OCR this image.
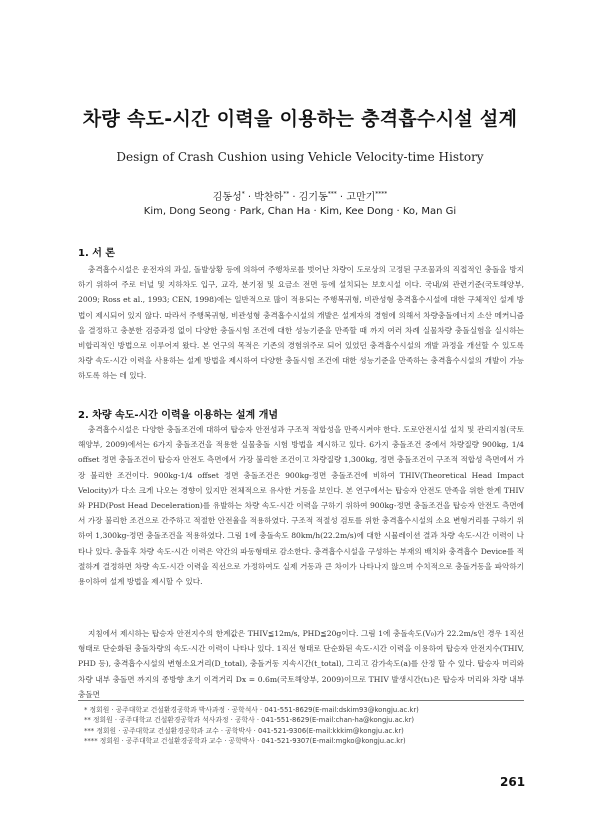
차량 속도-시간 이력을 이용하는 충격흡수시설 설계
Design of Crash Cushion using Vehicle Velocity-time History
김동성* · 박찬하** · 김기동*** · 고만기****
Kim, Dong Seong · Park, Chan Ha · Kim, Kee Dong · Ko, Man Gi
1. 서 론

충격흡수시설은 운전자의 과실, 돌발상황 등에 의하여 주행차로를 벗어난 차량이 도로상의 고정된 구조물과의 직접적인 충돌을 방지하기 위하여 주로 터널 및 지하차도 입구, 교각, 분기점 및 요금소 전면 등에 설치되는 보호시설 이다. 국내/외 관련기준(국토해양부, 2009; Ross et al., 1993; CEN, 1998)에는 일반적으로 많이 적용되는 주행복귀형, 비관성형 충격흡수시설에 대한 구체적인 설계 방법이 제시되어 있지 않다. 따라서 주행복귀형, 비관성형 충격흡수시설의 개발은 설계자의 경험에 의해서 차량충돌에너지 소산 메커니즘을 결정하고 충분한 검증과정 없이 다양한 충돌시험 조건에 대한 성능기준을 만족할 때 까지 여러 차례 실물차량 충돌실험을 실시하는 비합리적인 방법으로 이루어져 왔다. 본 연구의 목적은 기존의 경험위주로 되어 있었던 충격흡수시설의 개발 과정을 개선할 수 있도록 차량 속도-시간 이력을 사용하는 설계 방법을 제시하여 다양한 충돌시험 조건에 대한 성능기준을 만족하는 충격흡수시설의 개발이 가능하도록 하는 데 있다.

2. 차량 속도-시간 이력을 이용하는 설계 개념

충격흡수시설은 다양한 충돌조건에 대하여 탑승자 안전성과 구조적 적합성을 만족시켜야 한다. 도로안전시설 설치 및 관리지침(국토해양부, 2009)에서는 6가지 충돌조건을 적용한 실물충돌 시험 방법을 제시하고 있다. 6가지 충돌조건 중에서 차량질량 900kg, 1/4 offset 정면 충돌조건이 탑승자 안전도 측면에서 가장 불리한 조건이고 차량질량 1,300kg, 정면 충돌조건이 구조적 적합성 측면에서 가장 불리한 조건이다. 900kg-1/4 offset 정면 충돌조건은 900kg-정면 충돌조건에 비하여 THIV(Theoretical Head Impact Velocity)가 다소 크게 나오는 경향이 있지만 전체적으로 유사한 거동을 보인다. 본 연구에서는 탑승자 안전도 만족을 위한 한계 THIV와 PHD(Post Head Deceleration)를 유발하는 차량 속도-시간 이력을 구하기 위하여 900kg-정면 충돌조건을 탑승자 안전도 측면에서 가장 불리한 조건으로 간주하고 적절한 안전율을 적용하였다. 구조적 적절성 검토를 위한 충격흡수시설의 소요 변형거리를 구하기 위하여 1,300kg-정면 충돌조건을 적용하였다. 그림 1에 충돌속도 80km/h(22.2m/s)에 대한 시뮬레이션 결과 차량 속도-시간 이력이 나타나 있다. 충돌후 차량 속도-시간 이력은 약간의 파동형태로 감소한다. 충격흡수시설을 구성하는 부재의 배치와 충격흡수 Device를 적절하게 결정하면 차량 속도-시간 이력을 직선으로 가정하여도 실제 거동과 큰 차이가 나타나지 않으며 수치적으로 충돌거동을 파악하기 용이하여 설계 방법을 제시할 수 있다.

지침에서 제시하는 탑승자 안전지수의 한계값은 THIV≦12m/s, PHD≦20g이다. 그림 1에 충돌속도(V₀)가 22.2m/s인 경우 1직선 형태로 단순화된 충돌차량의 속도-시간 이력이 나타나 있다. 1직선 형태로 단순화된 속도-시간 이력을 이용하여 탑승자 안전지수(THIV, PHD 등), 충격흡수시설의 변형소요거리(D_total), 충돌거동 지속시간(t_total), 그리고 감가속도(a)를 산정 할 수 있다. 탑승자 머리와 차량 내부 충돌면 까지의 종방향 초기 이격거리 Dx = 0.6m(국토해양부, 2009)이므로 THIV 발생시간(t₁)은 탑승자 머리와 차량 내부 충돌면

* 정회원 · 공주대학교 건설환경공학과 박사과정 · 공학석사 · 041-551-8629(E-mail:dskim93@kongju.ac.kr)

** 정회원 · 공주대학교 건설환경공학과 석사과정 · 공학사 · 041-551-8629(E-mail:chan-ha@kongju.ac.kr)

*** 정회원 · 공주대학교 건설환경공학과 교수 · 공학박사 · 041-521-9306(E-mail:kkkim@kongju.ac.kr)

**** 정회원 · 공주대학교 건설환경공학과 교수 · 공학박사 · 041-521-9307(E-mail:mgko@kongju.ac.kr)

261
